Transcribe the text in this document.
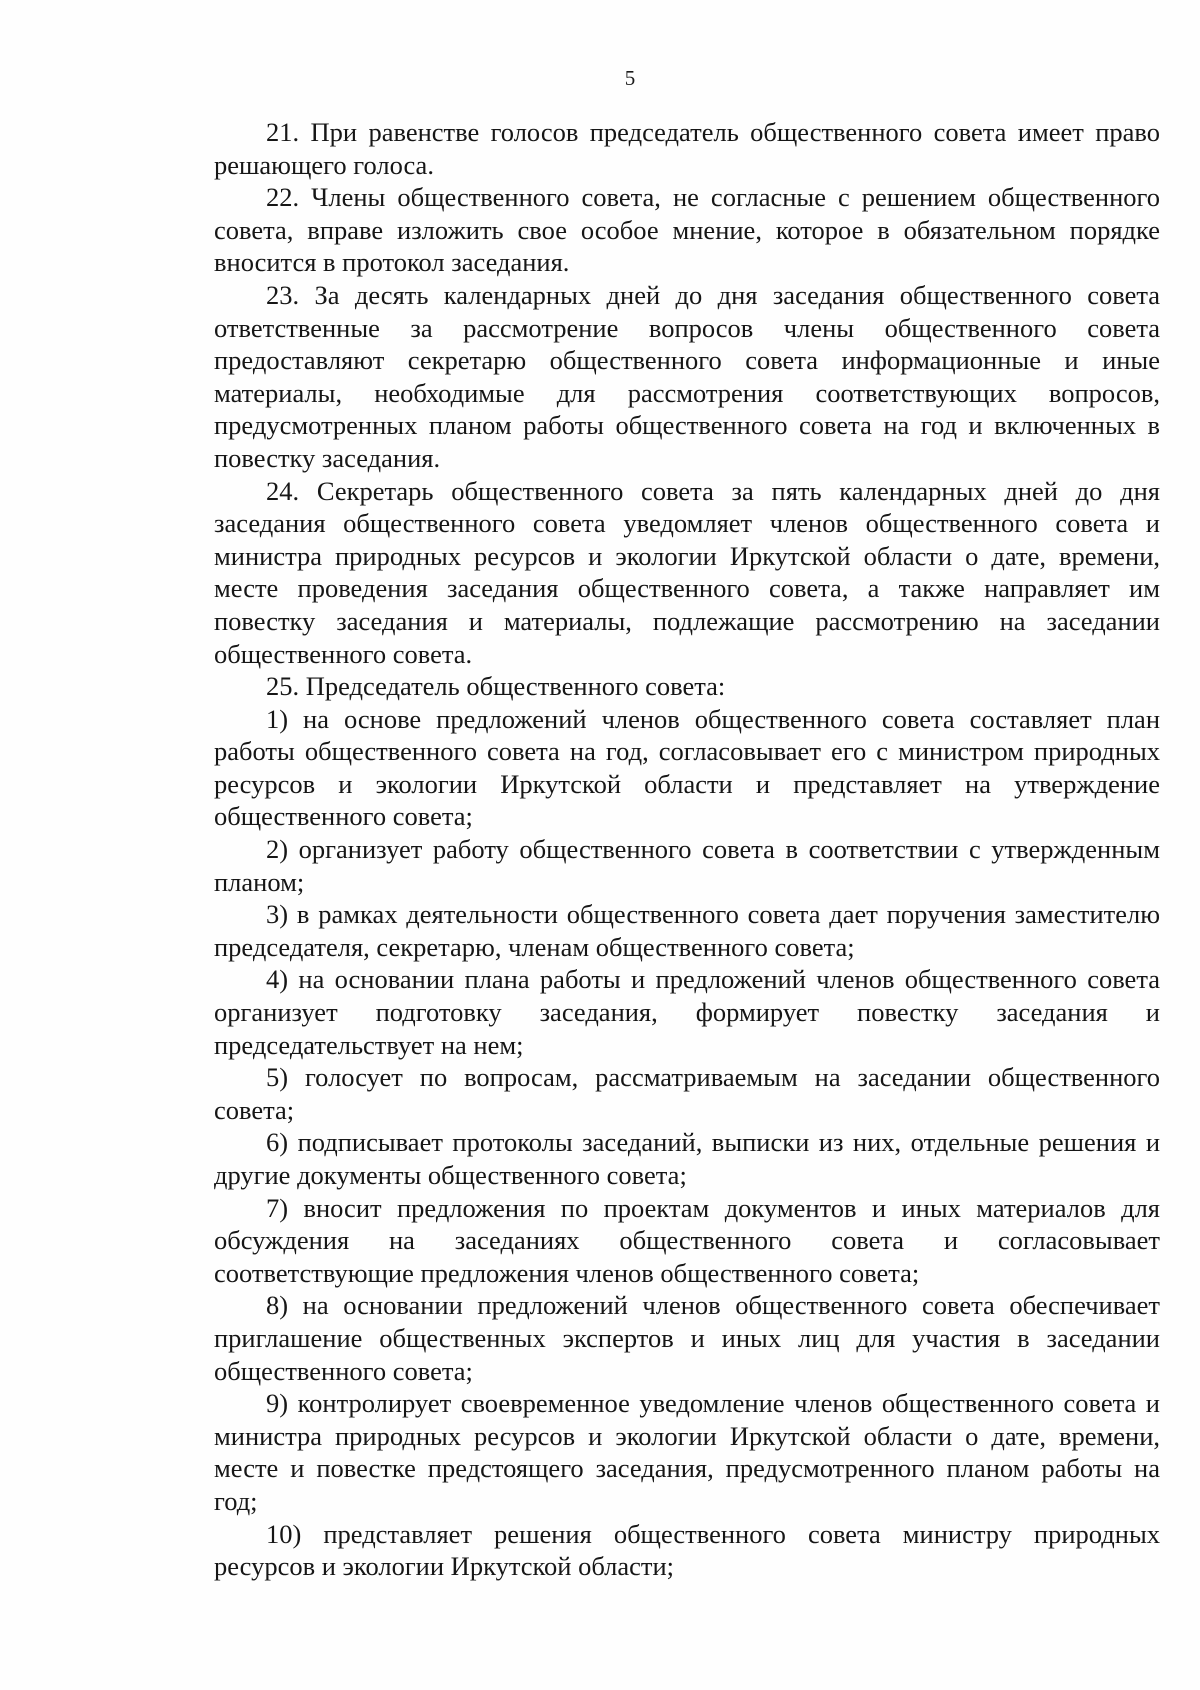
5

21. При равенстве голосов председатель общественного совета имеет право решающего голоса.

22. Члены общественного совета, не согласные с решением общественного совета, вправе изложить свое особое мнение, которое в обязательном порядке вносится в протокол заседания.

23. За десять календарных дней до дня заседания общественного совета ответственные за рассмотрение вопросов члены общественного совета предоставляют секретарю общественного совета информационные и иные материалы, необходимые для рассмотрения соответствующих вопросов, предусмотренных планом работы общественного совета на год и включенных в повестку заседания.

24. Секретарь общественного совета за пять календарных дней до дня заседания общественного совета уведомляет членов общественного совета и министра природных ресурсов и экологии Иркутской области о дате, времени, месте проведения заседания общественного совета, а также направляет им повестку заседания и материалы, подлежащие рассмотрению на заседании общественного совета.

25. Председатель общественного совета:

1) на основе предложений членов общественного совета составляет план работы общественного совета на год, согласовывает его с министром природных ресурсов и экологии Иркутской области и представляет на утверждение общественного совета;

2) организует работу общественного совета в соответствии с утвержденным планом;

3) в рамках деятельности общественного совета дает поручения заместителю председателя, секретарю, членам общественного совета;

4) на основании плана работы и предложений членов общественного совета организует подготовку заседания, формирует повестку заседания и председательствует на нем;

5) голосует по вопросам, рассматриваемым на заседании общественного совета;

6) подписывает протоколы заседаний, выписки из них, отдельные решения и другие документы общественного совета;

7) вносит предложения по проектам документов и иных материалов для обсуждения на заседаниях общественного совета и согласовывает соответствующие предложения членов общественного совета;

8) на основании предложений членов общественного совета обеспечивает приглашение общественных экспертов и иных лиц для участия в заседании общественного совета;

9) контролирует своевременное уведомление членов общественного совета и министра природных ресурсов и экологии Иркутской области о дате, времени, месте и повестке предстоящего заседания, предусмотренного планом работы на год;

10) представляет решения общественного совета министру природных ресурсов и экологии Иркутской области;
